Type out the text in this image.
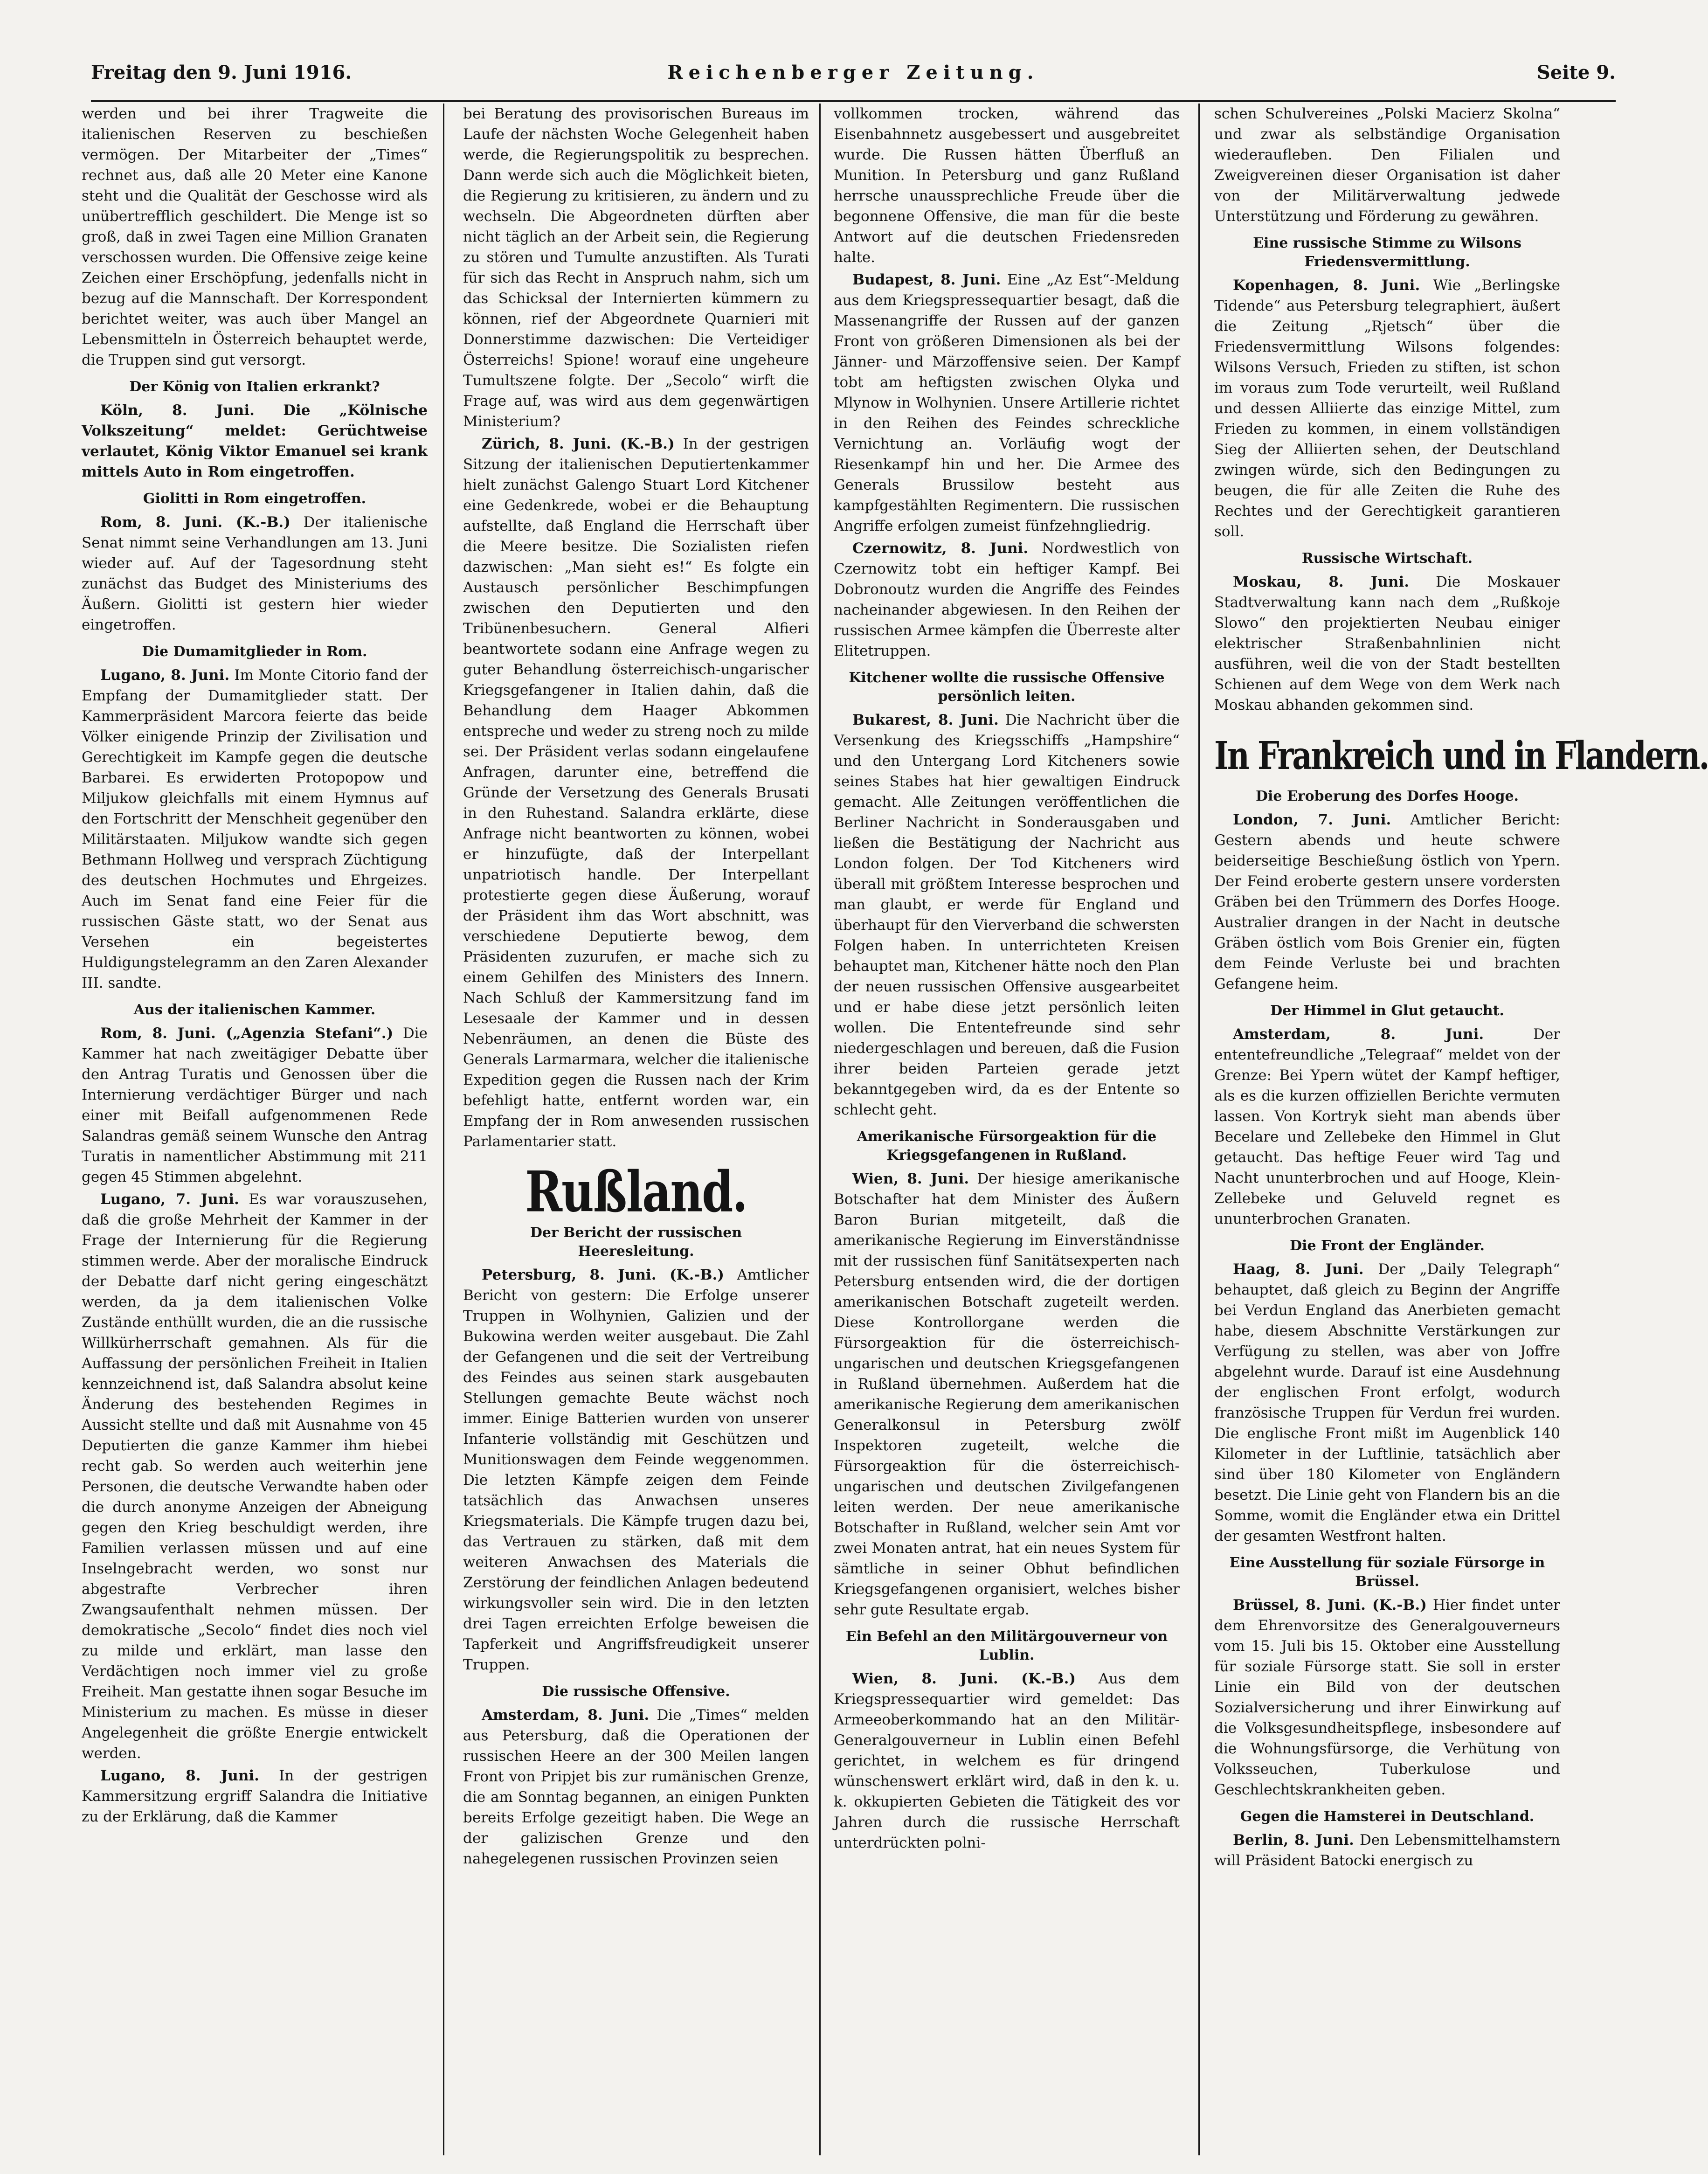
Freitag den 9. Juni 1916.	Reichenberger Zeitung.	Seite 9.

werden und bei ihrer Tragweite die italienischen Reserven zu beschießen vermögen. Der Mitarbeiter der „Times“ rechnet aus, daß alle 20 Meter eine Kanone steht und die Qualität der Geschosse wird als unübertrefflich geschildert. Die Menge ist so groß, daß in zwei Tagen eine Million Granaten verschossen wurden. Die Offensive zeige keine Zeichen einer Erschöpfung, jedenfalls nicht in bezug auf die Mannschaft. Der Korrespondent berichtet weiter, was auch über Mangel an Lebensmitteln in Österreich behauptet werde, die Truppen sind gut versorgt.

Der König von Italien erkrankt?

Köln, 8. Juni. Die „Kölnische Volkszeitung“ meldet: Gerüchtweise verlautet, König Viktor Emanuel sei krank mittels Auto in Rom eingetroffen.

Giolitti in Rom eingetroffen.

Rom, 8. Juni. (K.-B.) Der italienische Senat nimmt seine Verhandlungen am 13. Juni wieder auf. Auf der Tagesordnung steht zunächst das Budget des Ministeriums des Äußern. Giolitti ist gestern hier wieder eingetroffen.

Die Dumamitglieder in Rom.

Lugano, 8. Juni. Im Monte Citorio fand der Empfang der Dumamitglieder statt. Der Kammerpräsident Marcora feierte das beide Völker einigende Prinzip der Zivilisation und Gerechtigkeit im Kampfe gegen die deutsche Barbarei. Es erwiderten Protopopow und Miljukow gleichfalls mit einem Hymnus auf den Fortschritt der Menschheit gegenüber den Militärstaaten. Miljukow wandte sich gegen Bethmann Hollweg und versprach Züchtigung des deutschen Hochmutes und Ehrgeizes. Auch im Senat fand eine Feier für die russischen Gäste statt, wo der Senat aus Versehen ein begeistertes Huldigungstelegramm an den Zaren Alexander III. sandte.

Aus der italienischen Kammer.

Rom, 8. Juni. („Agenzia Stefani“.) Die Kammer hat nach zweitägiger Debatte über den Antrag Turatis und Genossen über die Internierung verdächtiger Bürger und nach einer mit Beifall aufgenommenen Rede Salandras gemäß seinem Wunsche den Antrag Turatis in namentlicher Abstimmung mit 211 gegen 45 Stimmen abgelehnt.

Lugano, 7. Juni. Es war vorauszusehen, daß die große Mehrheit der Kammer in der Frage der Internierung für die Regierung stimmen werde. Aber der moralische Eindruck der Debatte darf nicht gering eingeschätzt werden, da ja dem italienischen Volke Zustände enthüllt wurden, die an die russische Willkürherrschaft gemahnen. Als für die Auffassung der persönlichen Freiheit in Italien kennzeichnend ist, daß Salandra absolut keine Änderung des bestehenden Regimes in Aussicht stellte und daß mit Ausnahme von 45 Deputierten die ganze Kammer ihm hiebei recht gab. So werden auch weiterhin jene Personen, die deutsche Verwandte haben oder die durch anonyme Anzeigen der Abneigung gegen den Krieg beschuldigt werden, ihre Familien verlassen müssen und auf eine Inselngebracht werden, wo sonst nur abgestrafte Verbrecher ihren Zwangsaufenthalt nehmen müssen. Der demokratische „Secolo“ findet dies noch viel zu milde und erklärt, man lasse den Verdächtigen noch immer viel zu große Freiheit. Man gestatte ihnen sogar Besuche im Ministerium zu machen. Es müsse in dieser Angelegenheit die größte Energie entwickelt werden.

Lugano, 8. Juni. In der gestrigen Kammersitzung ergriff Salandra die Initiative zu der Erklärung, daß die Kammer

bei Beratung des provisorischen Bureaus im Laufe der nächsten Woche Gelegenheit haben werde, die Regierungspolitik zu besprechen. Dann werde sich auch die Möglichkeit bieten, die Regierung zu kritisieren, zu ändern und zu wechseln. Die Abgeordneten dürften aber nicht täglich an der Arbeit sein, die Regierung zu stören und Tumulte anzustiften. Als Turati für sich das Recht in Anspruch nahm, sich um das Schicksal der Internierten kümmern zu können, rief der Abgeordnete Quarnieri mit Donnerstimme dazwischen: Die Verteidiger Österreichs! Spione! worauf eine ungeheure Tumultszene folgte. Der „Secolo“ wirft die Frage auf, was wird aus dem gegenwärtigen Ministerium?

Zürich, 8. Juni. (K.-B.) In der gestrigen Sitzung der italienischen Deputiertenkammer hielt zunächst Galengo Stuart Lord Kitchener eine Gedenkrede, wobei er die Behauptung aufstellte, daß England die Herrschaft über die Meere besitze. Die Sozialisten riefen dazwischen: „Man sieht es!“ Es folgte ein Austausch persönlicher Beschimpfungen zwischen den Deputierten und den Tribünenbesuchern. General Alfieri beantwortete sodann eine Anfrage wegen zu guter Behandlung österreichisch-ungarischer Kriegsgefangener in Italien dahin, daß die Behandlung dem Haager Abkommen entspreche und weder zu streng noch zu milde sei. Der Präsident verlas sodann eingelaufene Anfragen, darunter eine, betreffend die Gründe der Versetzung des Generals Brusati in den Ruhestand. Salandra erklärte, diese Anfrage nicht beantworten zu können, wobei er hinzufügte, daß der Interpellant unpatriotisch handle. Der Interpellant protestierte gegen diese Äußerung, worauf der Präsident ihm das Wort abschnitt, was verschiedene Deputierte bewog, dem Präsidenten zuzurufen, er mache sich zu einem Gehilfen des Ministers des Innern. Nach Schluß der Kammersitzung fand im Lesesaale der Kammer und in dessen Nebenräumen, an denen die Büste des Generals Larmarmara, welcher die italienische Expedition gegen die Russen nach der Krim befehligt hatte, entfernt worden war, ein Empfang der in Rom anwesenden russischen Parlamentarier statt.

Rußland.
Der Bericht der russischen Heeresleitung.

Petersburg, 8. Juni. (K.-B.) Amtlicher Bericht von gestern: Die Erfolge unserer Truppen in Wolhynien, Galizien und der Bukowina werden weiter ausgebaut. Die Zahl der Gefangenen und die seit der Vertreibung des Feindes aus seinen stark ausgebauten Stellungen gemachte Beute wächst noch immer. Einige Batterien wurden von unserer Infanterie vollständig mit Geschützen und Munitionswagen dem Feinde weggenommen. Die letzten Kämpfe zeigen dem Feinde tatsächlich das Anwachsen unseres Kriegsmaterials. Die Kämpfe trugen dazu bei, das Vertrauen zu stärken, daß mit dem weiteren Anwachsen des Materials die Zerstörung der feindlichen Anlagen bedeutend wirkungsvoller sein wird. Die in den letzten drei Tagen erreichten Erfolge beweisen die Tapferkeit und Angriffsfreudigkeit unserer Truppen.

Die russische Offensive.

Amsterdam, 8. Juni. Die „Times“ melden aus Petersburg, daß die Operationen der russischen Heere an der 300 Meilen langen Front von Pripjet bis zur rumänischen Grenze, die am Sonntag begannen, an einigen Punkten bereits Erfolge gezeitigt haben. Die Wege an der galizischen Grenze und den nahegelegenen russischen Provinzen seien

vollkommen trocken, während das Eisenbahnnetz ausgebessert und ausgebreitet wurde. Die Russen hätten Überfluß an Munition. In Petersburg und ganz Rußland herrsche unaussprechliche Freude über die begonnene Offensive, die man für die beste Antwort auf die deutschen Friedensreden halte.

Budapest, 8. Juni. Eine „Az Est“-Meldung aus dem Kriegspressequartier besagt, daß die Massenangriffe der Russen auf der ganzen Front von größeren Dimensionen als bei der Jänner- und Märzoffensive seien. Der Kampf tobt am heftigsten zwischen Olyka und Mlynow in Wolhynien. Unsere Artillerie richtet in den Reihen des Feindes schreckliche Vernichtung an. Vorläufig wogt der Riesenkampf hin und her. Die Armee des Generals Brussilow besteht aus kampfgestählten Regimentern. Die russischen Angriffe erfolgen zumeist fünfzehngliedrig.

Czernowitz, 8. Juni. Nordwestlich von Czernowitz tobt ein heftiger Kampf. Bei Dobronoutz wurden die Angriffe des Feindes nacheinander abgewiesen. In den Reihen der russischen Armee kämpfen die Überreste alter Elitetruppen.

Kitchener wollte die russische Offensive persönlich leiten.

Bukarest, 8. Juni. Die Nachricht über die Versenkung des Kriegsschiffs „Hampshire“ und den Untergang Lord Kitcheners sowie seines Stabes hat hier gewaltigen Eindruck gemacht. Alle Zeitungen veröffentlichen die Berliner Nachricht in Sonderausgaben und ließen die Bestätigung der Nachricht aus London folgen. Der Tod Kitcheners wird überall mit größtem Interesse besprochen und man glaubt, er werde für England und überhaupt für den Vierverband die schwersten Folgen haben. In unterrichteten Kreisen behauptet man, Kitchener hätte noch den Plan der neuen russischen Offensive ausgearbeitet und er habe diese jetzt persönlich leiten wollen. Die Ententefreunde sind sehr niedergeschlagen und bereuen, daß die Fusion ihrer beiden Parteien gerade jetzt bekanntgegeben wird, da es der Entente so schlecht geht.

Amerikanische Fürsorgeaktion für die Kriegsgefangenen in Rußland.

Wien, 8. Juni. Der hiesige amerikanische Botschafter hat dem Minister des Äußern Baron Burian mitgeteilt, daß die amerikanische Regierung im Einverständnisse mit der russischen fünf Sanitätsexperten nach Petersburg entsenden wird, die der dortigen amerikanischen Botschaft zugeteilt werden. Diese Kontrollorgane werden die Fürsorgeaktion für die österreichisch-ungarischen und deutschen Kriegsgefangenen in Rußland übernehmen. Außerdem hat die amerikanische Regierung dem amerikanischen Generalkonsul in Petersburg zwölf Inspektoren zugeteilt, welche die Fürsorgeaktion für die österreichisch-ungarischen und deutschen Zivilgefangenen leiten werden. Der neue amerikanische Botschafter in Rußland, welcher sein Amt vor zwei Monaten antrat, hat ein neues System für sämtliche in seiner Obhut befindlichen Kriegsgefangenen organisiert, welches bisher sehr gute Resultate ergab.

Ein Befehl an den Militärgouverneur von Lublin.

Wien, 8. Juni. (K.-B.) Aus dem Kriegspressequartier wird gemeldet: Das Armeeoberkommando hat an den Militär-Generalgouverneur in Lublin einen Befehl gerichtet, in welchem es für dringend wünschenswert erklärt wird, daß in den k. u. k. okkupierten Gebieten die Tätigkeit des vor Jahren durch die russische Herrschaft unterdrückten polni-

schen Schulvereines „Polski Macierz Skolna“ und zwar als selbständige Organisation wiederaufleben. Den Filialen und Zweigvereinen dieser Organisation ist daher von der Militärverwaltung jedwede Unterstützung und Förderung zu gewähren.

Eine russische Stimme zu Wilsons Friedensvermittlung.

Kopenhagen, 8. Juni. Wie „Berlingske Tidende“ aus Petersburg telegraphiert, äußert die Zeitung „Rjetsch“ über die Friedensvermittlung Wilsons folgendes: Wilsons Versuch, Frieden zu stiften, ist schon im voraus zum Tode verurteilt, weil Rußland und dessen Alliierte das einzige Mittel, zum Frieden zu kommen, in einem vollständigen Sieg der Alliierten sehen, der Deutschland zwingen würde, sich den Bedingungen zu beugen, die für alle Zeiten die Ruhe des Rechtes und der Gerechtigkeit garantieren soll.

Russische Wirtschaft.

Moskau, 8. Juni. Die Moskauer Stadtverwaltung kann nach dem „Rußkoje Slowo“ den projektierten Neubau einiger elektrischer Straßenbahnlinien nicht ausführen, weil die von der Stadt bestellten Schienen auf dem Wege von dem Werk nach Moskau abhanden gekommen sind.

In Frankreich und in Flandern.
Die Eroberung des Dorfes Hooge.

London, 7. Juni. Amtlicher Bericht: Gestern abends und heute schwere beiderseitige Beschießung östlich von Ypern. Der Feind eroberte gestern unsere vordersten Gräben bei den Trümmern des Dorfes Hooge. Australier drangen in der Nacht in deutsche Gräben östlich vom Bois Grenier ein, fügten dem Feinde Verluste bei und brachten Gefangene heim.

Der Himmel in Glut getaucht.

Amsterdam, 8. Juni.	Der ententefreundliche „Telegraaf“ meldet von der Grenze: Bei Ypern wütet der Kampf heftiger, als es die kurzen offiziellen Berichte vermuten lassen. Von Kortryk sieht man abends über Becelare und Zellebeke den Himmel in Glut getaucht. Das heftige Feuer wird Tag und Nacht ununterbrochen und auf Hooge, Klein-Zellebeke und Geluveld regnet es ununterbrochen Granaten.

Die Front der Engländer.

Haag, 8. Juni. Der „Daily Telegraph“ behauptet, daß gleich zu Beginn der Angriffe bei Verdun England das Anerbieten gemacht habe, diesem Abschnitte Verstärkungen zur Verfügung zu stellen, was aber von Joffre abgelehnt wurde. Darauf ist eine Ausdehnung der englischen Front erfolgt, wodurch französische Truppen für Verdun frei wurden. Die englische Front mißt im Augenblick 140 Kilometer in der Luftlinie, tatsächlich aber sind über 180 Kilometer von Engländern besetzt. Die Linie geht von Flandern bis an die Somme, womit die Engländer etwa ein Drittel der gesamten Westfront halten.

Eine Ausstellung für soziale Fürsorge in Brüssel.

Brüssel, 8. Juni. (K.-B.) Hier findet unter dem Ehrenvorsitze des Generalgouverneurs vom 15. Juli bis 15. Oktober eine Ausstellung für soziale Fürsorge statt. Sie soll in erster Linie ein Bild von der deutschen Sozialversicherung und ihrer Einwirkung auf die Volksgesundheitspflege, insbesondere auf die Wohnungsfürsorge, die Verhütung von Volksseuchen, Tuberkulose und Geschlechtskrankheiten geben.

Gegen die Hamsterei in Deutschland.

Berlin, 8. Juni. Den Lebensmittelhamstern will Präsident Batocki energisch zu
